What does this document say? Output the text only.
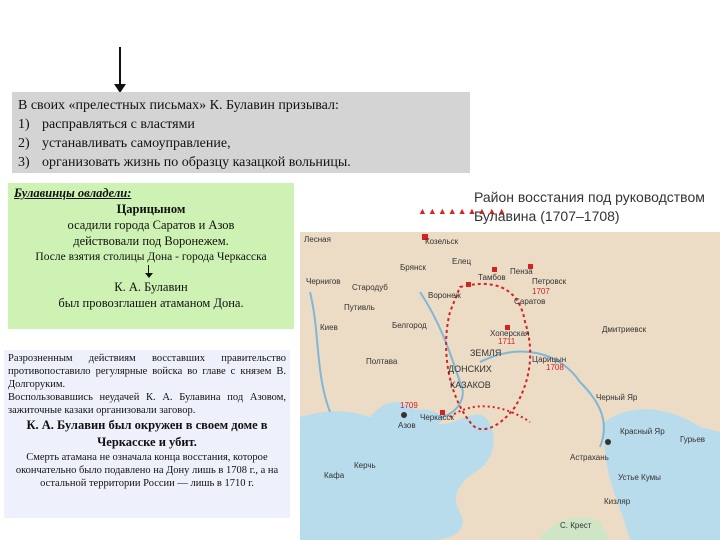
В своих «прелестных письмах» К. Булавин призывал:
1) расправляться с властями
2) устанавливать самоуправление,
3) организовать жизнь по образцу казацкой вольницы.
Булавинцы овладели:
Царицыном
осадили города Саратов и Азов
действовали под Воронежем.
После взятия столицы Дона - города Черкасска
К. А. Булавин
был провозглашен атаманом Дона.
Разрозненным действиям восставших правительство противопоставило регулярные войска во главе с князем В. Долгоруким.
Воспользовавшись неудачей К. А. Булавина под Азовом, зажиточные казаки организовали заговор.
К. А. Булавин был окружен в своем доме в
Черкасске и убит.
Смерть атамана не означала конца восстания, которое окончательно было подавлено на Дону лишь в 1708 г., а на остальной территории России — лишь в 1710 г.
▲▲▲▲▲▲▲▲▲
Район восстания под руководством
Булавина (1707–1708)
Лесная
Чернигов
Стародуб
Брянск
Козельск
Путивль
Киев	Белгород
Полтава
Воронеж
Елец
Тамбов
Пенза
Петровск
Хоперская
ЗЕМЛЯ
ДОНСКИХ
КАЗАКОВ
Царицын
Астрахань
Азов
Керчь
Кафа
Саратов
Дмитриевск
Черный Яр
Красный Яр
Гурьев
Устье Кумы
Кизляр
С. Крест
Черкасск
1707
1708
1709
1711
